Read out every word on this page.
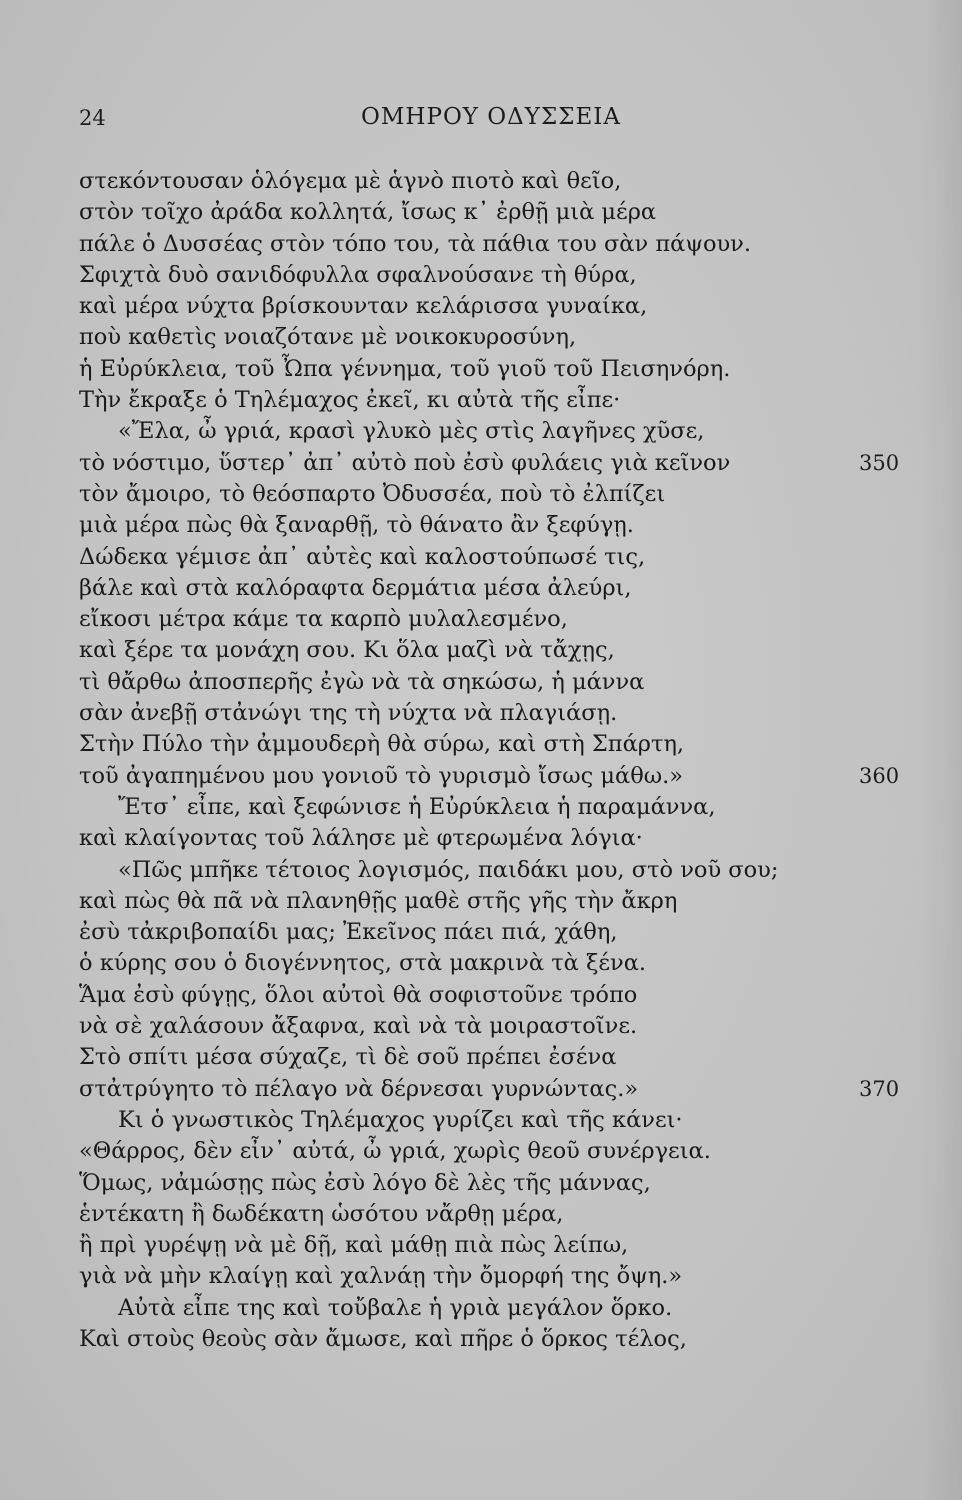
24	ΟΜΗΡΟΥ ΟΔΥΣΣΕΙΑ
στεκόντουσαν ὁλόγεμα μὲ ἁγνὸ πιοτὸ καὶ θεῖο,
στὸν τοῖχο ἀράδα κολλητά, ἴσως κ᾽ ἐρθῇ μιὰ μέρα
πάλε ὁ Δυσσέας στὸν τόπο του, τὰ πάθια του σὰν πάψουν.
Σφιχτὰ δυὸ σανιδόφυλλα σφαλνούσανε τὴ θύρα,
καὶ μέρα νύχτα βρίσκουνταν κελάρισσα γυναίκα,
ποὺ καθετὶς νοιαζότανε μὲ νοικοκυροσύνη,
ἡ Εὐρύκλεια, τοῦ Ὦπα γέννημα, τοῦ γιοῦ τοῦ Πεισηνόρη.
Τὴν ἔκραξε ὁ Τηλέμαχος ἐκεῖ, κι αὐτὰ τῆς εἶπε·
«Ἔλα, ὦ γριά, κρασὶ γλυκὸ μὲς στὶς λαγῆνες χῦσε,
τὸ νόστιμο, ὕστερ᾽ ἀπ᾽ αὐτὸ ποὺ ἐσὺ φυλάεις γιὰ κεῖνον	350
τὸν ἄμοιρο, τὸ θεόσπαρτο Ὀδυσσέα, ποὺ τὸ ἐλπίζει
μιὰ μέρα πὼς θὰ ξαναρθῇ, τὸ θάνατο ἂν ξεφύγῃ.
Δώδεκα γέμισε ἀπ᾽ αὐτὲς καὶ καλοστούπωσέ τις,
βάλε καὶ στὰ καλόραφτα δερμάτια μέσα ἀλεύρι,
εἴκοσι μέτρα κάμε τα καρπὸ μυλαλεσμένο,
καὶ ξέρε τα μονάχη σου. Κι ὅλα μαζὶ νὰ τἄχῃς,
τὶ θἄρθω ἀποσπερῆς ἐγὼ νὰ τὰ σηκώσω, ἡ μάννα
σὰν ἀνεβῇ στἀνώγι της τὴ νύχτα νὰ πλαγιάσῃ.
Στὴν Πύλο τὴν ἀμμουδερὴ θὰ σύρω, καὶ στὴ Σπάρτη,
τοῦ ἀγαπημένου μου γονιοῦ τὸ γυρισμὸ ἴσως μάθω.»	360
Ἔτσ᾽ εἶπε, καὶ ξεφώνισε ἡ Εὐρύκλεια ἡ παραμάννα,
καὶ κλαίγοντας τοῦ λάλησε μὲ φτερωμένα λόγια·
«Πῶς μπῆκε τέτοιος λογισμός, παιδάκι μου, στὸ νοῦ σου;
καὶ πὼς θὰ πᾶ νὰ πλανηθῇς μαθὲ στῆς γῆς τὴν ἄκρη
ἐσὺ τἀκριβοπαίδι μας; Ἐκεῖνος πάει πιά, χάθη,
ὁ κύρης σου ὁ διογέννητος, στὰ μακρινὰ τὰ ξένα.
Ἅμα ἐσὺ φύγῃς, ὅλοι αὐτοὶ θὰ σοφιστοῦνε τρόπο
νὰ σὲ χαλάσουν ἄξαφνα, καὶ νὰ τὰ μοιραστοῖνε.
Στὸ σπίτι μέσα σύχαζε, τὶ δὲ σοῦ πρέπει ἐσένα
στἀτρύγητο τὸ πέλαγο νὰ δέρνεσαι γυρνώντας.»	370
Κι ὁ γνωστικὸς Τηλέμαχος γυρίζει καὶ τῆς κάνει·
«Θάρρος, δὲν εἶν᾽ αὐτά, ὦ γριά, χωρὶς θεοῦ συνέργεια.
Ὅμως, νἀμώσῃς πὼς ἐσὺ λόγο δὲ λὲς τῆς μάννας,
ἑντέκατη ἢ δωδέκατη ὡσότου νἄρθῃ μέρα,
ἢ πρὶ γυρέψῃ νὰ μὲ δῇ, καὶ μάθῃ πιὰ πὼς λείπω,
γιὰ νὰ μὴν κλαίγῃ καὶ χαλνάῃ τὴν ὄμορφή της ὄψη.»
Αὐτὰ εἶπε της καὶ τοὔβαλε ἡ γριὰ μεγάλον ὅρκο.
Καὶ στοὺς θεοὺς σὰν ἄμωσε, καὶ πῆρε ὁ ὅρκος τέλος,
